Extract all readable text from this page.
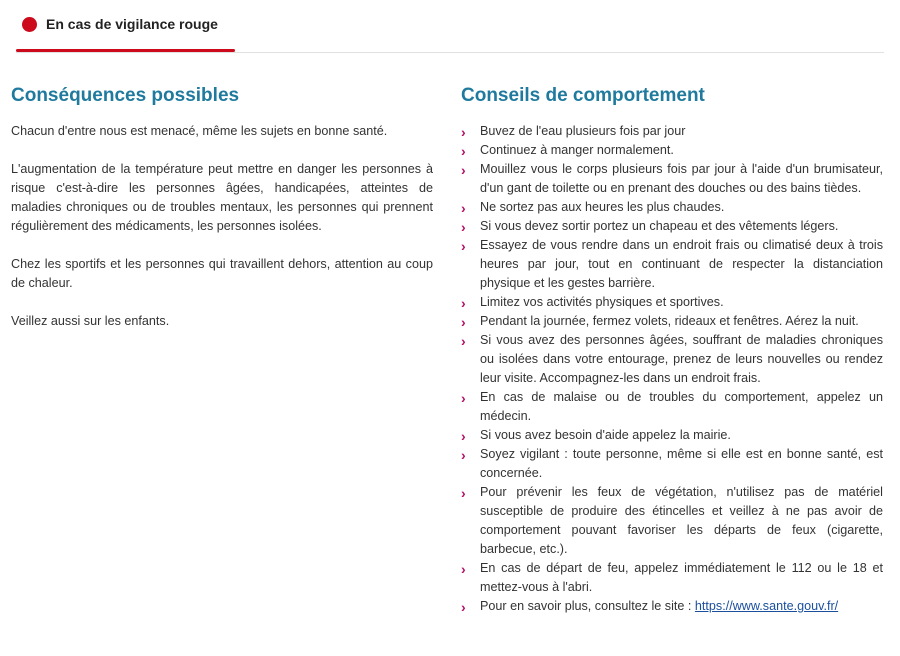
En cas de vigilance rouge
Conséquences possibles

Chacun d'entre nous est menacé, même les sujets en bonne santé.

L'augmentation de la température peut mettre en danger les personnes à risque c'est-à-dire les personnes âgées, handicapées, atteintes de maladies chroniques ou de troubles mentaux, les personnes qui prennent régulièrement des médicaments, les personnes isolées.

Chez les sportifs et les personnes qui travaillent dehors, attention au coup de chaleur.

Veillez aussi sur les enfants.

Conseils de comportement
›	Buvez de l'eau plusieurs fois par jour
›	Continuez à manger normalement.
›	Mouillez vous le corps plusieurs fois par jour à l'aide d'un brumisateur, d'un gant de toilette ou en prenant des douches ou des bains tièdes.
›	Ne sortez pas aux heures les plus chaudes.
›	Si vous devez sortir portez un chapeau et des vêtements légers.
›	Essayez de vous rendre dans un endroit frais ou climatisé deux à trois heures par jour, tout en continuant de respecter la distanciation physique et les gestes barrière.
›	Limitez vos activités physiques et sportives.
›	Pendant la journée, fermez volets, rideaux et fenêtres. Aérez la nuit.
›	Si vous avez des personnes âgées, souffrant de maladies chroniques ou isolées dans votre entourage, prenez de leurs nouvelles ou rendez leur visite. Accompagnez-les dans un endroit frais.
›	En cas de malaise ou de troubles du comportement, appelez un médecin.
›	Si vous avez besoin d'aide appelez la mairie.
›	Soyez vigilant : toute personne, même si elle est en bonne santé, est concernée.
›	Pour prévenir les feux de végétation, n'utilisez pas de matériel susceptible de produire des étincelles et veillez à ne pas avoir de comportement pouvant favoriser les départs de feux (cigarette, barbecue, etc.).
›	En cas de départ de feu, appelez immédiatement le 112 ou le 18 et mettez-vous à l'abri.
›	Pour en savoir plus, consultez le site : https://www.sante.gouv.fr/
